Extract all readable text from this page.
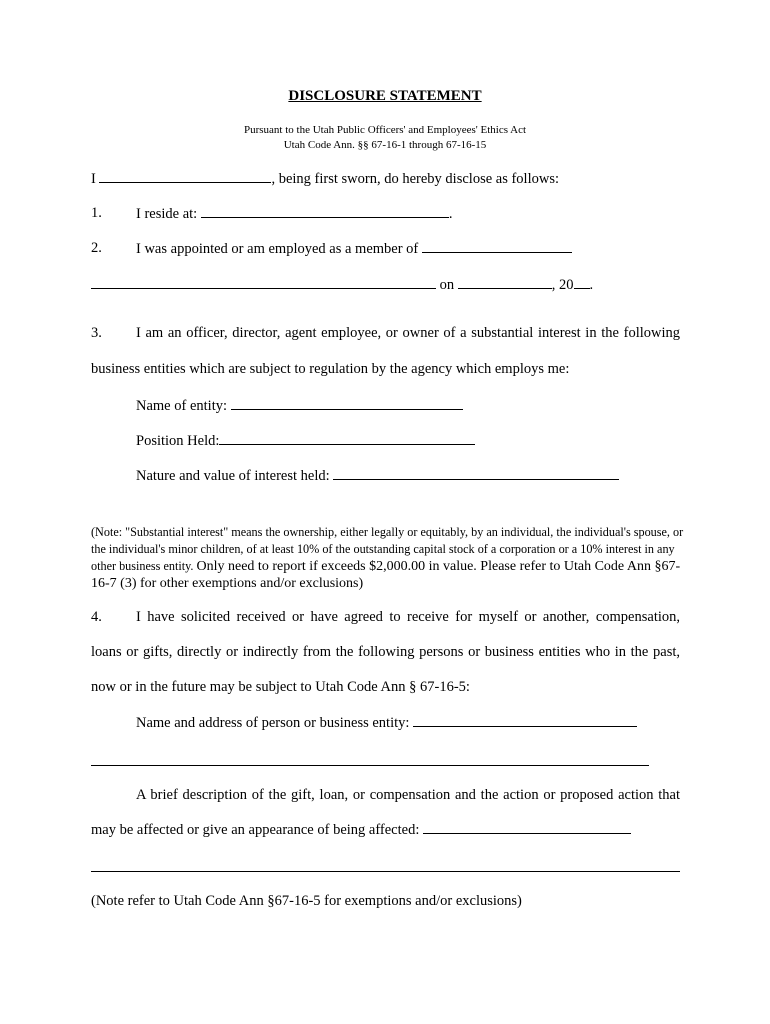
DISCLOSURE STATEMENT
Pursuant to the Utah Public Officers' and Employees' Ethics Act
Utah Code Ann. §§ 67-16-1 through 67-16-15
I	, being first sworn, do hereby disclose as follows:
1. I reside at:	.
2. I was appointed or am employed as a member of
on	, 20 .
3. I am an officer, director, agent employee, or owner of a substantial interest in the following
business entities which are subject to regulation by the agency which employs me:
Name of entity:
Position Held:
Nature and value of interest held:
(Note: "Substantial interest" means the ownership, either legally or equitably, by an individual, the individual's spouse, or the individual's minor children, of at least 10% of the outstanding capital stock of a corporation or a 10% interest in any other business entity. Only need to report if exceeds $2,000.00 in value. Please refer to Utah Code Ann §67-16-7 (3) for other exemptions and/or exclusions)
4. I have solicited received or have agreed to receive for myself or another, compensation,
loans or gifts, directly or indirectly from the following persons or business entities who in the past,
now or in the future may be subject to Utah Code Ann § 67-16-5:
Name and address of person or business entity:
A brief description of the gift, loan, or compensation and the action or proposed action that
may be affected or give an appearance of being affected:
(Note refer to Utah Code Ann §67-16-5 for exemptions and/or exclusions)
